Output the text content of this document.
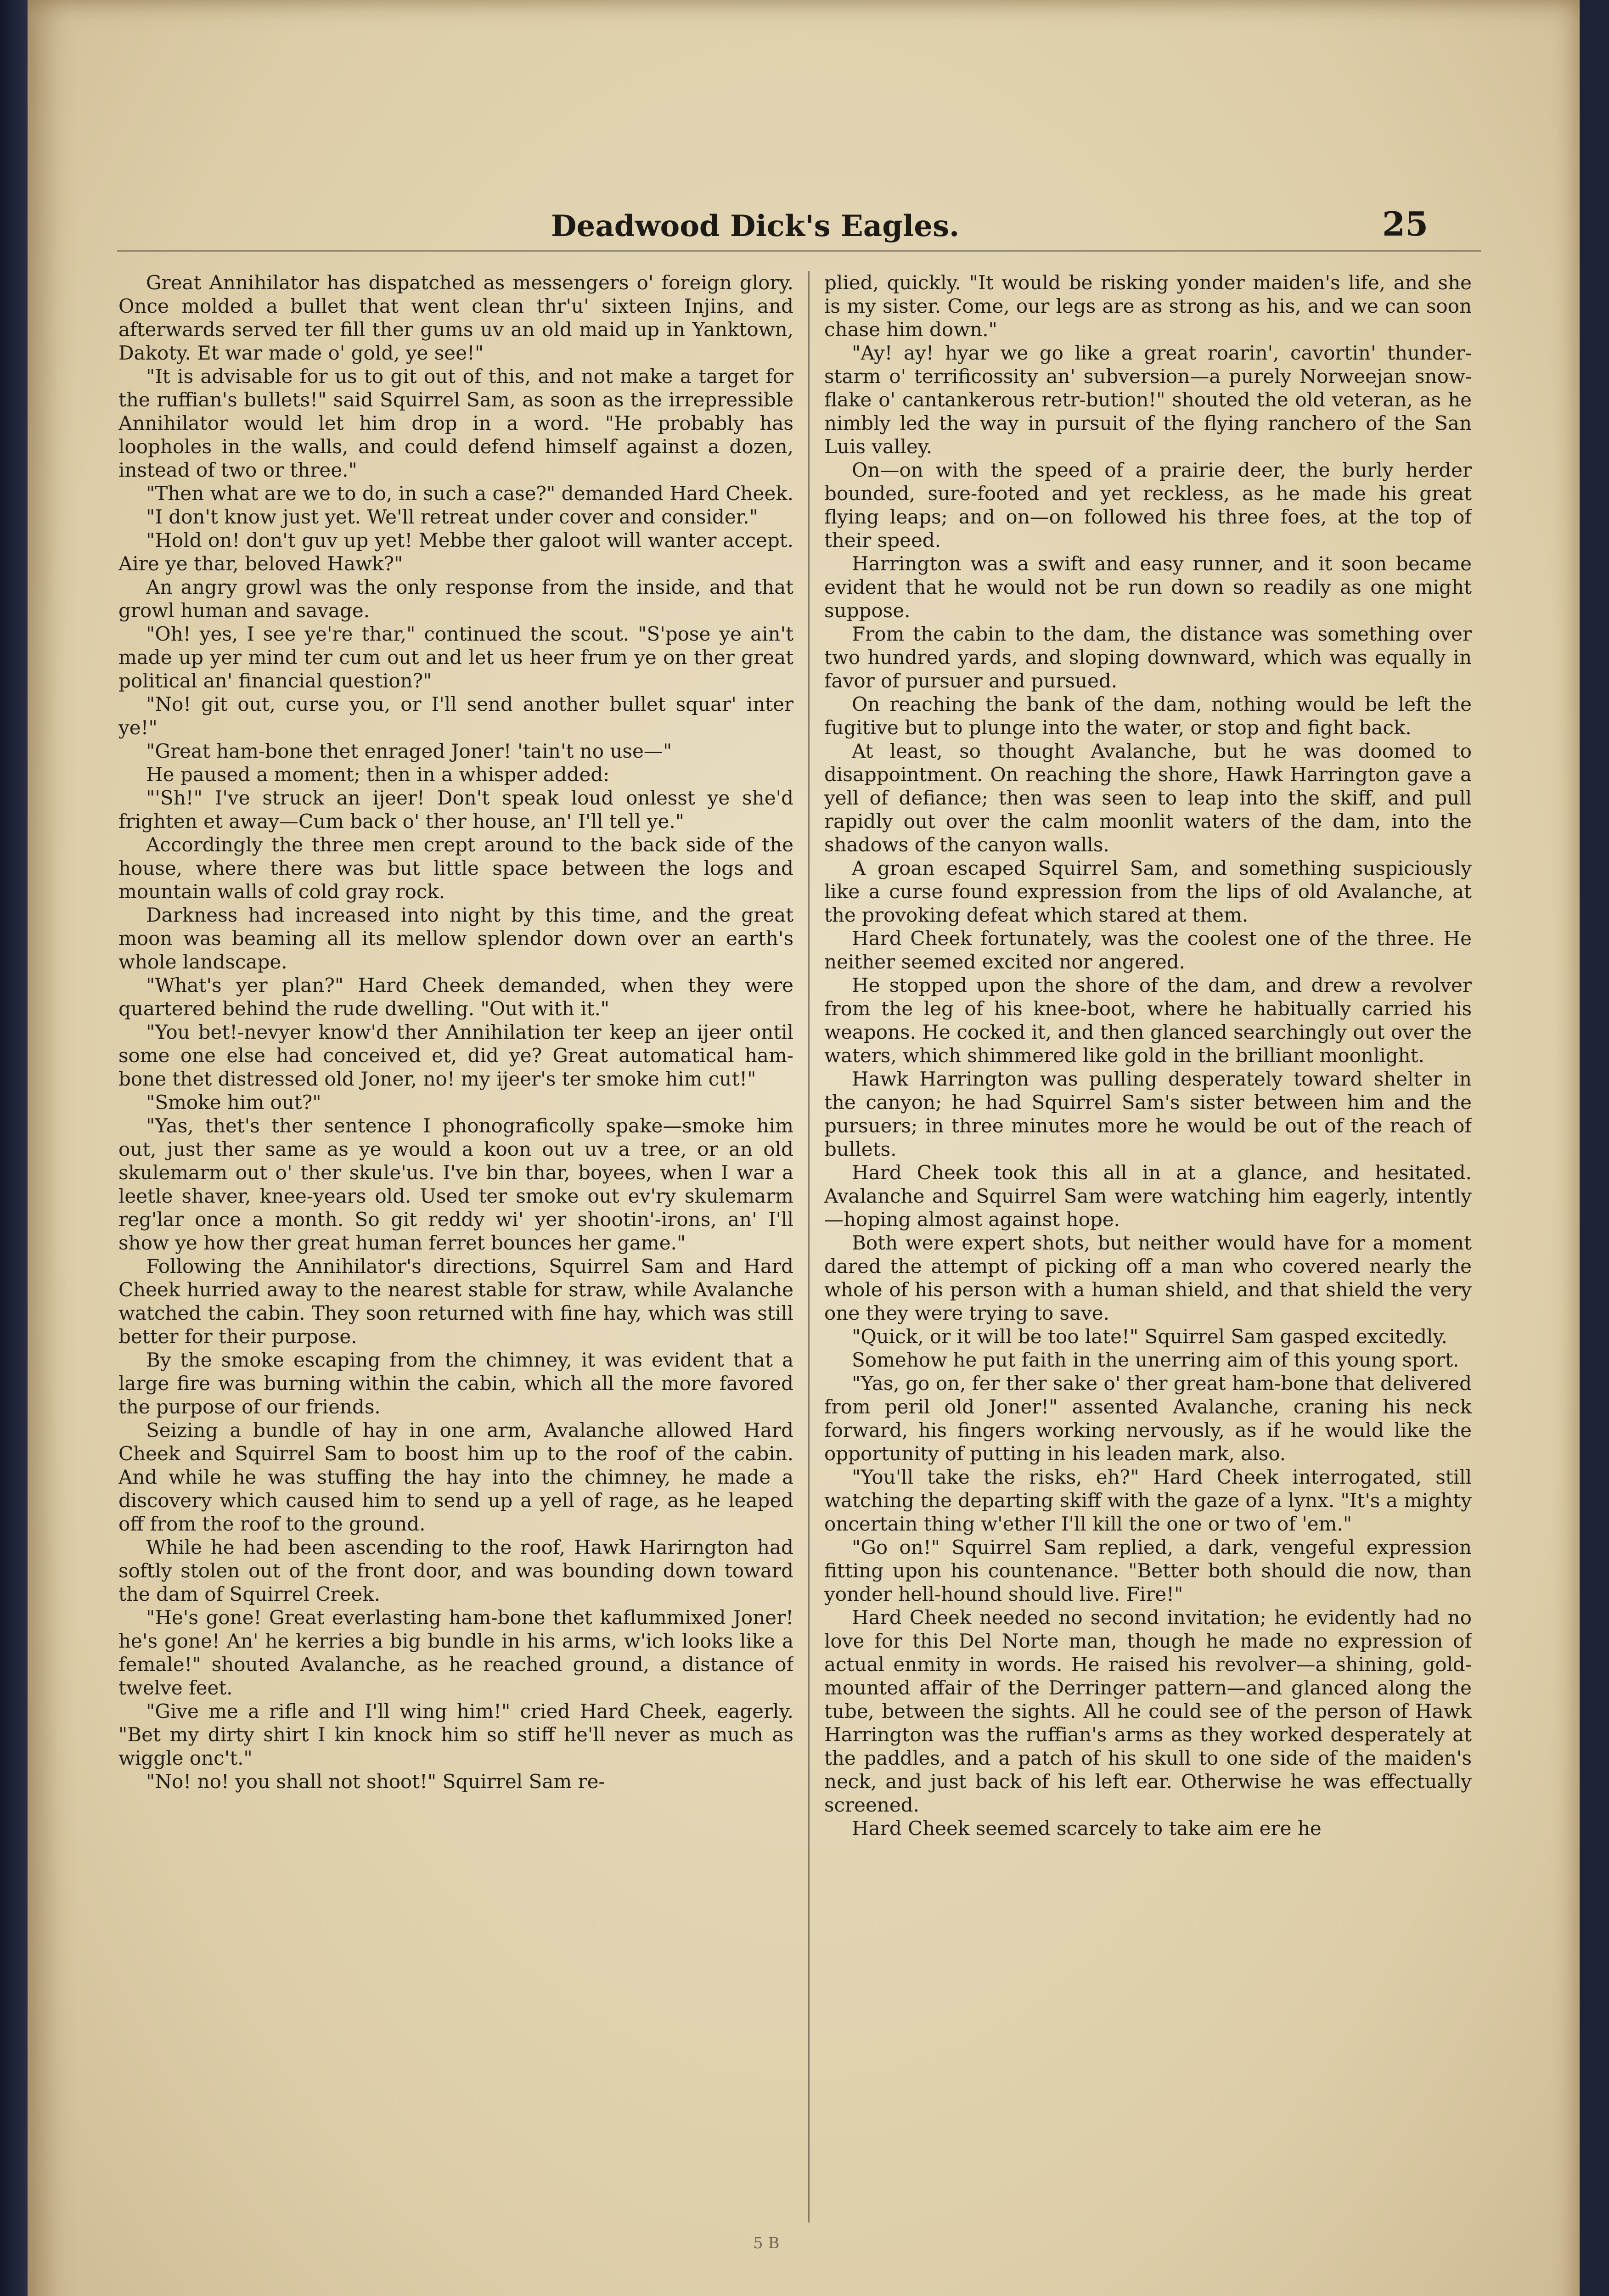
Deadwood Dick's Eagles.	25

Great Annihilator has dispatched as messengers o' foreign glory. Once molded a bullet that went clean thr'u' sixteen Injins, and afterwards served ter fill ther gums uv an old maid up in Yanktown, Dakoty. Et war made o' gold, ye see!"

"It is advisable for us to git out of this, and not make a target for the ruffian's bullets!" said Squirrel Sam, as soon as the irrepressible Annihilator would let him drop in a word. "He probably has loopholes in the walls, and could defend himself against a dozen, instead of two or three."

"Then what are we to do, in such a case?" demanded Hard Cheek.

"I don't know just yet. We'll retreat under cover and consider."

"Hold on! don't guv up yet! Mebbe ther galoot will wanter accept. Aire ye thar, beloved Hawk?"

An angry growl was the only response from the inside, and that growl human and savage.

"Oh! yes, I see ye're thar," continued the scout. "S'pose ye ain't made up yer mind ter cum out and let us heer frum ye on ther great political an' financial question?"

"No! git out, curse you, or I'll send another bullet squar' inter ye!"

"Great ham-bone thet enraged Joner! 'tain't no use—"

He paused a moment; then in a whisper added:

"'Sh!" I've struck an ijeer! Don't speak loud onlesst ye she'd frighten et away—Cum back o' ther house, an' I'll tell ye."

Accordingly the three men crept around to the back side of the house, where there was but little space between the logs and mountain walls of cold gray rock.

Darkness had increased into night by this time, and the great moon was beaming all its mellow splendor down over an earth's whole landscape.

"What's yer plan?" Hard Cheek demanded, when they were quartered behind the rude dwelling. "Out with it."

"You bet!-nevyer know'd ther Annihilation ter keep an ijeer ontil some one else had conceived et, did ye? Great automatical ham-bone thet distressed old Joner, no! my ijeer's ter smoke him cut!"

"Smoke him out?"

"Yas, thet's ther sentence I phonograficolly spake—smoke him out, just ther same as ye would a koon out uv a tree, or an old skulemarm out o' ther skule'us. I've bin thar, boyees, when I war a leetle shaver, knee-years old. Used ter smoke out ev'ry skulemarm reg'lar once a month. So git reddy wi' yer shootin'-irons, an' I'll show ye how ther great human ferret bounces her game."

Following the Annihilator's directions, Squirrel Sam and Hard Cheek hurried away to the nearest stable for straw, while Avalanche watched the cabin. They soon returned with fine hay, which was still better for their purpose.

By the smoke escaping from the chimney, it was evident that a large fire was burning within the cabin, which all the more favored the purpose of our friends.

Seizing a bundle of hay in one arm, Avalanche allowed Hard Cheek and Squirrel Sam to boost him up to the roof of the cabin. And while he was stuffing the hay into the chimney, he made a discovery which caused him to send up a yell of rage, as he leaped off from the roof to the ground.

While he had been ascending to the roof, Hawk Harirngton had softly stolen out of the front door, and was bounding down toward the dam of Squirrel Creek.

"He's gone! Great everlasting ham-bone thet kaflummixed Joner! he's gone! An' he kerries a big bundle in his arms, w'ich looks like a female!" shouted Avalanche, as he reached ground, a distance of twelve feet.

"Give me a rifle and I'll wing him!" cried Hard Cheek, eagerly. "Bet my dirty shirt I kin knock him so stiff he'll never as much as wiggle onc't."

"No! no! you shall not shoot!" Squirrel Sam re-

plied, quickly. "It would be risking yonder maiden's life, and she is my sister. Come, our legs are as strong as his, and we can soon chase him down."

"Ay! ay! hyar we go like a great roarin', cavortin' thunder-starm o' terrificossity an' subversion—a purely Norweejan snow-flake o' cantankerous retr-bution!" shouted the old veteran, as he nimbly led the way in pursuit of the flying ranchero of the San Luis valley.

On—on with the speed of a prairie deer, the burly herder bounded, sure-footed and yet reckless, as he made his great flying leaps; and on—on followed his three foes, at the top of their speed.

Harrington was a swift and easy runner, and it soon became evident that he would not be run down so readily as one might suppose.

From the cabin to the dam, the distance was something over two hundred yards, and sloping downward, which was equally in favor of pursuer and pursued.

On reaching the bank of the dam, nothing would be left the fugitive but to plunge into the water, or stop and fight back.

At least, so thought Avalanche, but he was doomed to disappointment. On reaching the shore, Hawk Harrington gave a yell of defiance; then was seen to leap into the skiff, and pull rapidly out over the calm moonlit waters of the dam, into the shadows of the canyon walls.

A groan escaped Squirrel Sam, and something suspiciously like a curse found expression from the lips of old Avalanche, at the provoking defeat which stared at them.

Hard Cheek fortunately, was the coolest one of the three. He neither seemed excited nor angered.

He stopped upon the shore of the dam, and drew a revolver from the leg of his knee-boot, where he habitually carried his weapons. He cocked it, and then glanced searchingly out over the waters, which shimmered like gold in the brilliant moonlight.

Hawk Harrington was pulling desperately toward shelter in the canyon; he had Squirrel Sam's sister between him and the pursuers; in three minutes more he would be out of the reach of bullets.

Hard Cheek took this all in at a glance, and hesitated. Avalanche and Squirrel Sam were watching him eagerly, intently—hoping almost against hope.

Both were expert shots, but neither would have for a moment dared the attempt of picking off a man who covered nearly the whole of his person with a human shield, and that shield the very one they were trying to save.

"Quick, or it will be too late!" Squirrel Sam gasped excitedly.

Somehow he put faith in the unerring aim of this young sport.

"Yas, go on, fer ther sake o' ther great ham-bone that delivered from peril old Joner!" assented Avalanche, craning his neck forward, his fingers working nervously, as if he would like the opportunity of putting in his leaden mark, also.

"You'll take the risks, eh?" Hard Cheek interrogated, still watching the departing skiff with the gaze of a lynx. "It's a mighty oncertain thing w'ether I'll kill the one or two of 'em."

"Go on!" Squirrel Sam replied, a dark, vengeful expression fitting upon his countenance. "Better both should die now, than yonder hell-hound should live. Fire!"

Hard Cheek needed no second invitation; he evidently had no love for this Del Norte man, though he made no expression of actual enmity in words. He raised his revolver—a shining, gold-mounted affair of the Derringer pattern—and glanced along the tube, between the sights. All he could see of the person of Hawk Harrington was the ruffian's arms as they worked desperately at the paddles, and a patch of his skull to one side of the maiden's neck, and just back of his left ear. Otherwise he was effectually screened.

Hard Cheek seemed scarcely to take aim ere he

5 B
